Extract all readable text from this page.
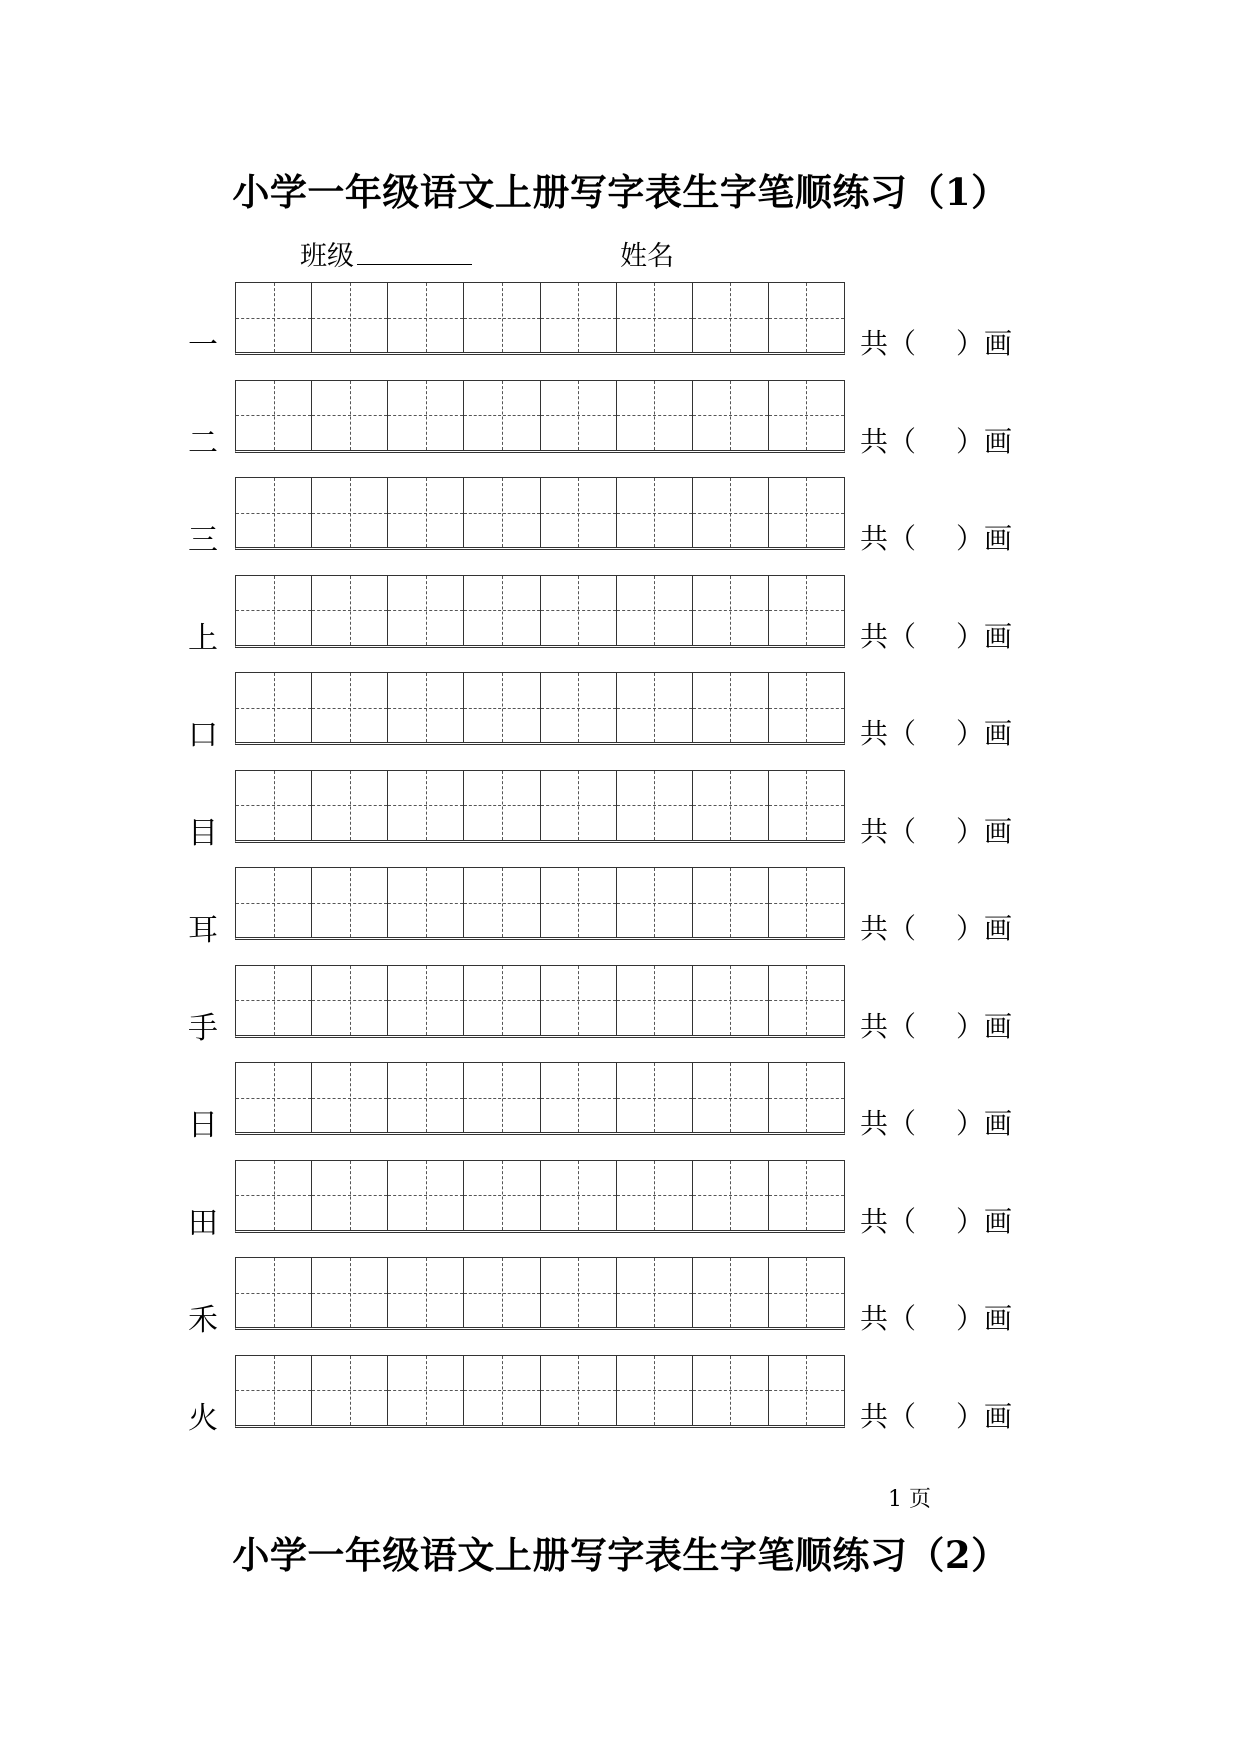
小学一年级语文上册写字表生字笔顺练习（1）
班级	姓名
一	共（ ）画
二	共（ ）画
三	共（ ）画
上	共（ ）画
口	共（ ）画
目	共（ ）画
耳	共（ ）画
手	共（ ）画
日	共（ ）画
田	共（ ）画
禾	共（ ）画
火	共（ ）画
1 页
小学一年级语文上册写字表生字笔顺练习（2）
